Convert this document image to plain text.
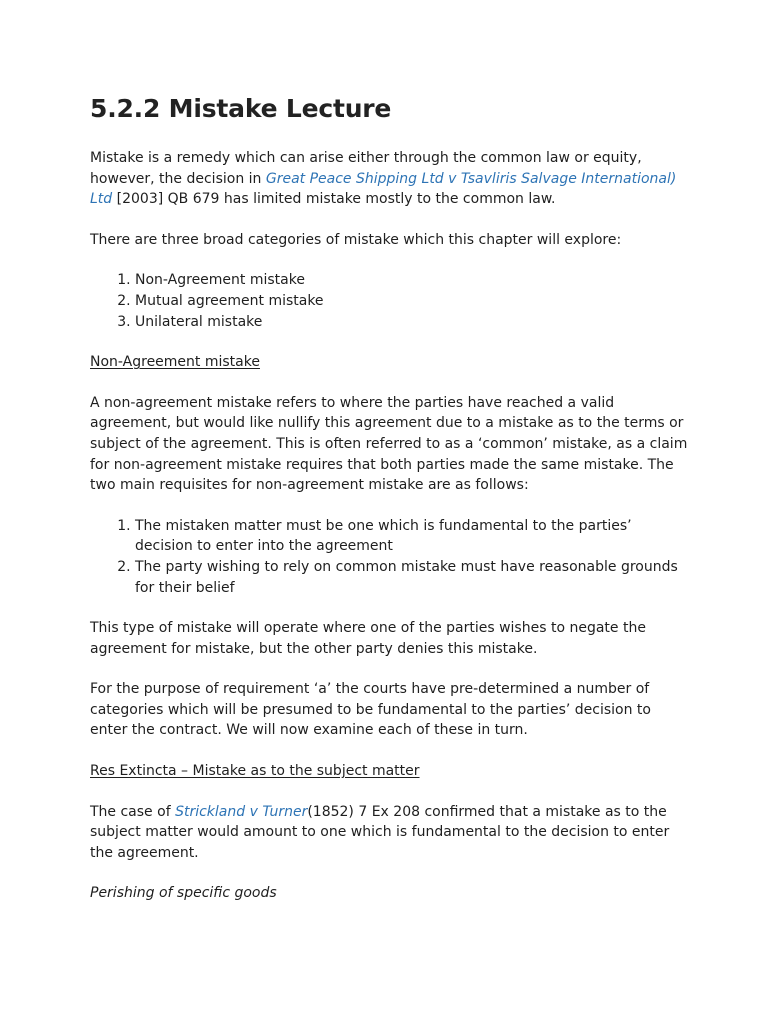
5.2.2 Mistake Lecture

Mistake is a remedy which can arise either through the common law or equity, however, the decision in Great Peace Shipping Ltd v Tsavliris Salvage International) Ltd [2003] QB 679 has limited mistake mostly to the common law.

There are three broad categories of mistake which this chapter will explore:

1. Non-Agreement mistake
2. Mutual agreement mistake
3. Unilateral mistake
Non-Agreement mistake

A non-agreement mistake refers to where the parties have reached a valid agreement, but would like nullify this agreement due to a mistake as to the terms or subject of the agreement. This is often referred to as a ‘common’ mistake, as a claim for non-agreement mistake requires that both parties made the same mistake. The two main requisites for non-agreement mistake are as follows:

1. The mistaken matter must be one which is fundamental to the parties’ decision to enter into the agreement
2. The party wishing to rely on common mistake must have reasonable grounds for their belief

This type of mistake will operate where one of the parties wishes to negate the agreement for mistake, but the other party denies this mistake.

For the purpose of requirement ‘a’ the courts have pre-determined a number of categories which will be presumed to be fundamental to the parties’ decision to enter the contract. We will now examine each of these in turn.

Res Extincta – Mistake as to the subject matter

The case of Strickland v Turner(1852) 7 Ex 208 confirmed that a mistake as to the subject matter would amount to one which is fundamental to the decision to enter the agreement.

Perishing of specific goods
